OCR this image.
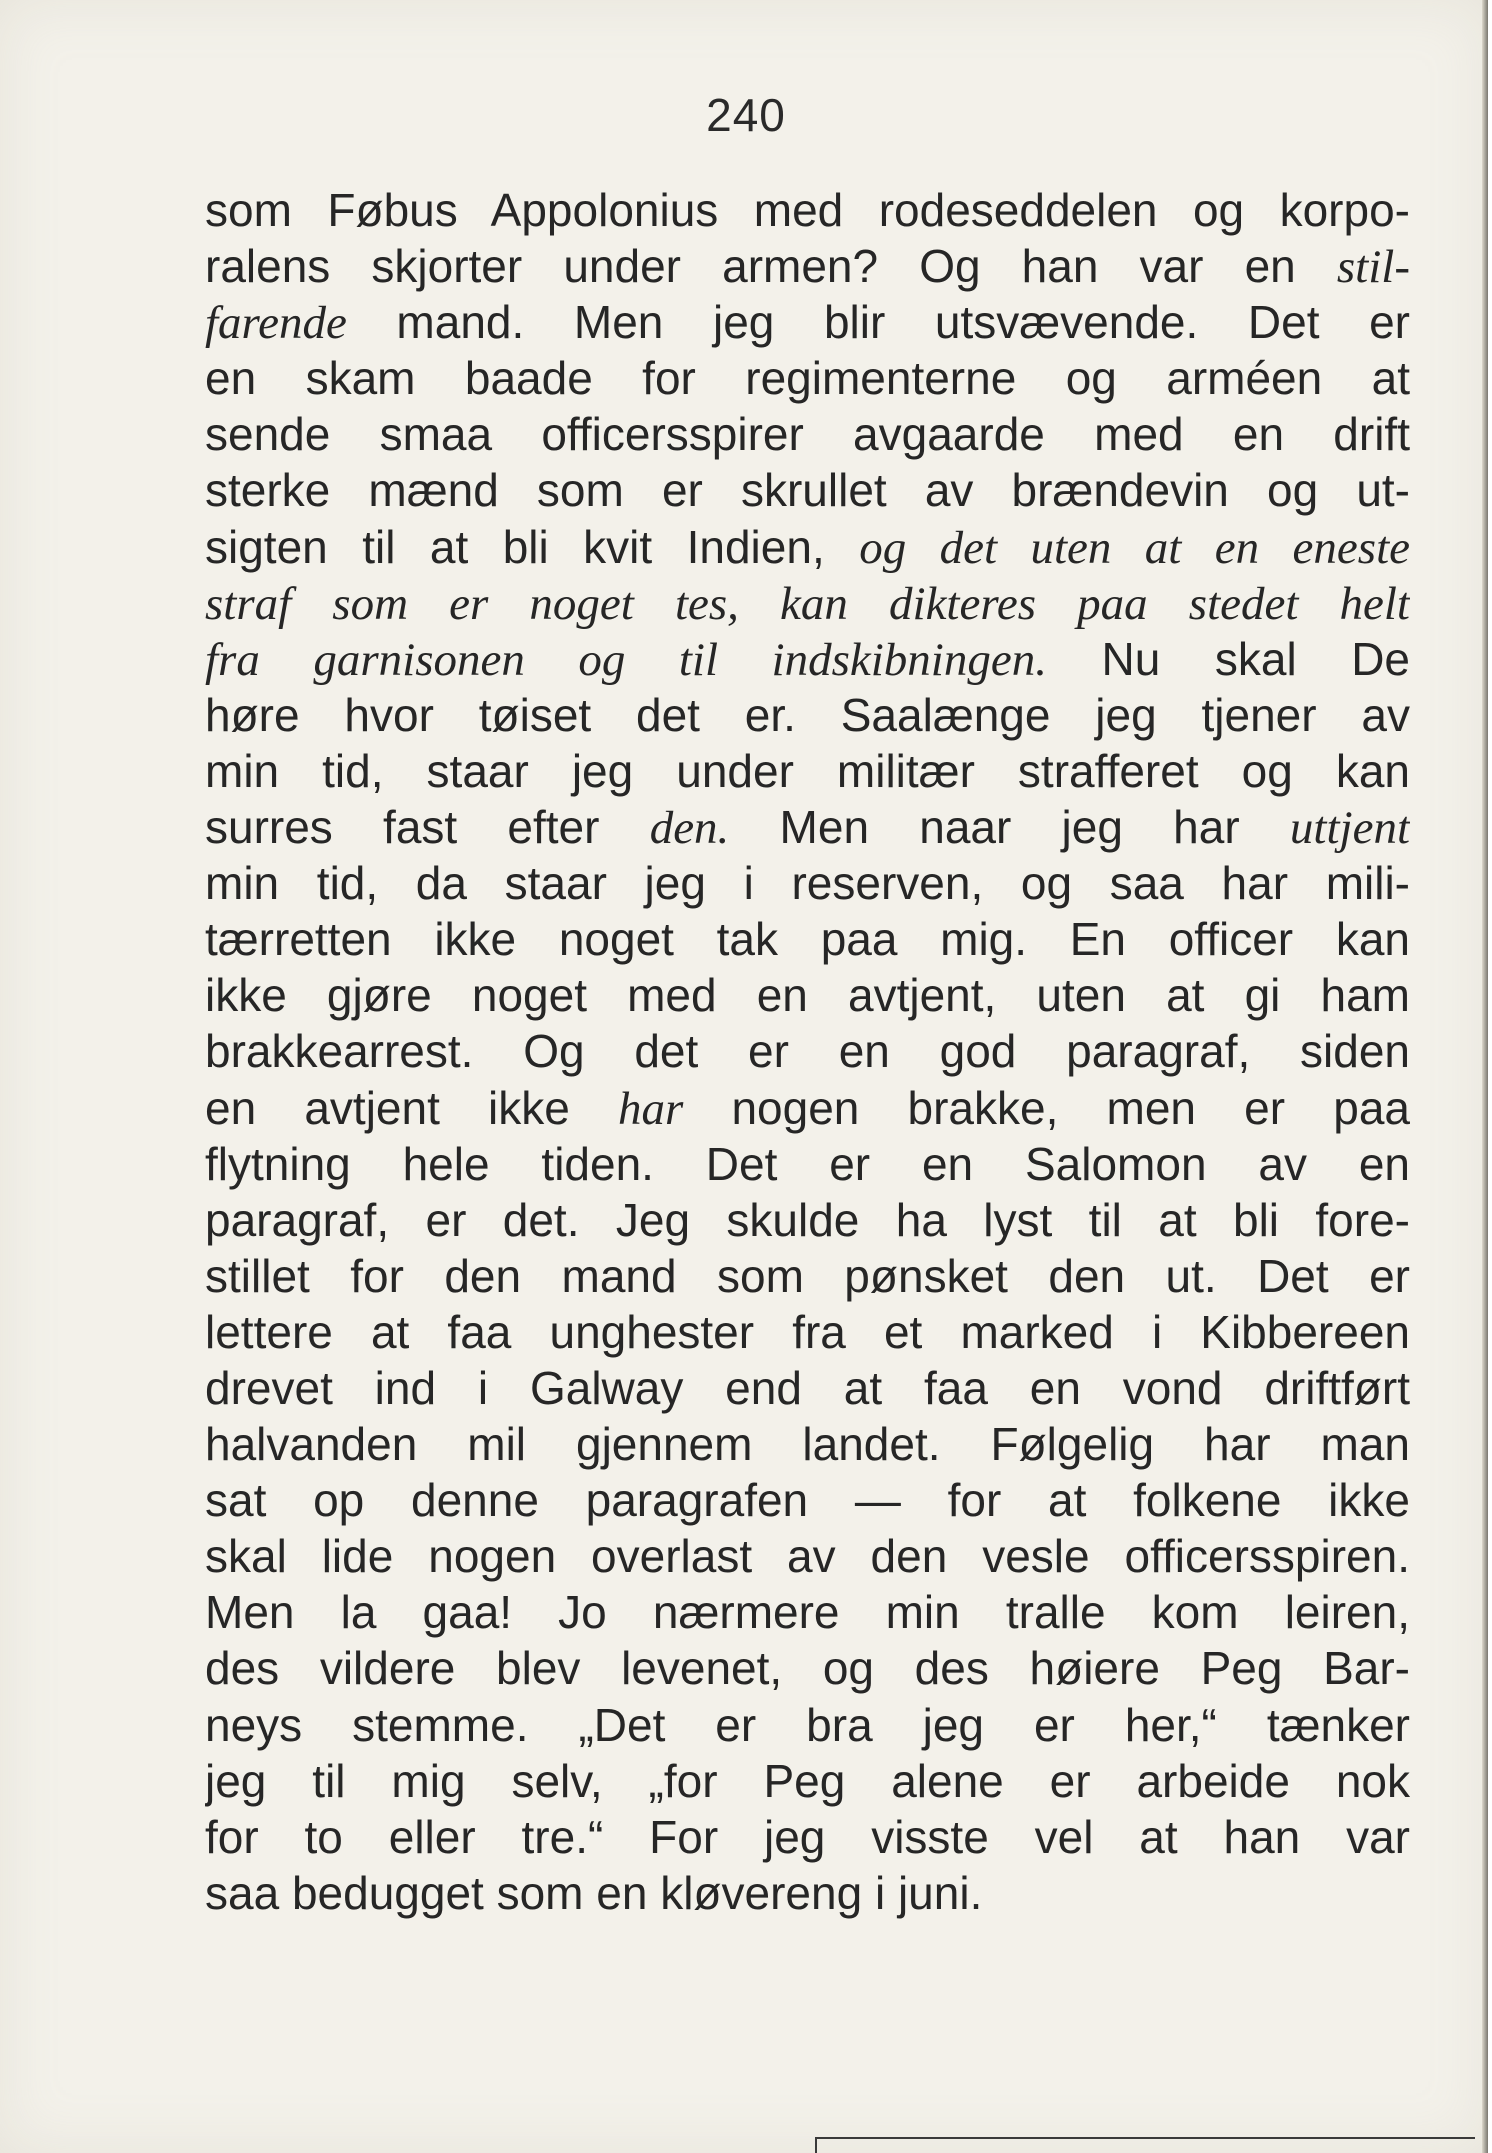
240
som Føbus Appolonius med rodeseddelen og korpo-
ralens skjorter under armen? Og han var en stil-
farende mand. Men jeg blir utsvævende. Det er
en skam baade for regimenterne og arméen at
sende smaa officersspirer avgaarde med en drift
sterke mænd som er skrullet av brændevin og ut-
sigten til at bli kvit Indien, og det uten at en eneste
straf som er noget tes, kan dikteres paa stedet helt
fra garnisonen og til indskibningen. Nu skal De
høre hvor tøiset det er. Saalænge jeg tjener av
min tid, staar jeg under militær strafferet og kan
surres fast efter den. Men naar jeg har uttjent
min tid, da staar jeg i reserven, og saa har mili-
tærretten ikke noget tak paa mig. En officer kan
ikke gjøre noget med en avtjent, uten at gi ham
brakkearrest. Og det er en god paragraf, siden
en avtjent ikke har nogen brakke, men er paa
flytning hele tiden. Det er en Salomon av en
paragraf, er det. Jeg skulde ha lyst til at bli fore-
stillet for den mand som pønsket den ut. Det er
lettere at faa unghester fra et marked i Kibbereen
drevet ind i Galway end at faa en vond driftført
halvanden mil gjennem landet. Følgelig har man
sat op denne paragrafen — for at folkene ikke
skal lide nogen overlast av den vesle officersspiren.
Men la gaa! Jo nærmere min tralle kom leiren,
des vildere blev levenet, og des høiere Peg Bar-
neys stemme. „Det er bra jeg er her,“ tænker
jeg til mig selv, „for Peg alene er arbeide nok
for to eller tre.“ For jeg visste vel at han var
saa bedugget som en kløvereng i juni.
